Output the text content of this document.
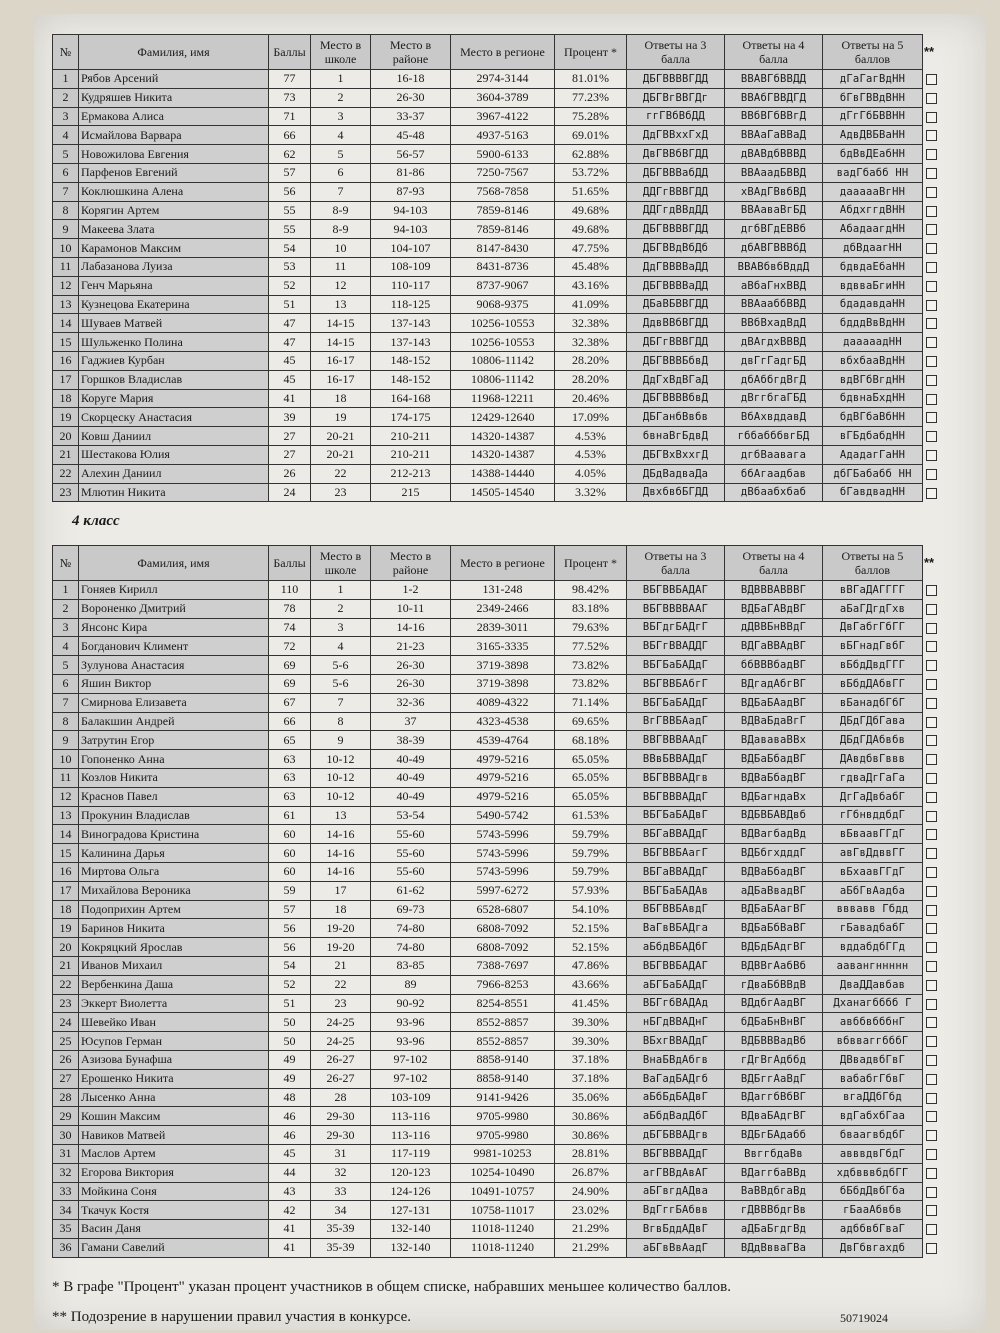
№	Фамилия, имя	Баллы	Место в школе	Место в районе	Место в регионе	Процент *	Ответы на 3 балла	Ответы на 4 балла	Ответы на 5 баллов
1	Рябов Арсений	77	1	16-18	2974-3144	81.01%	ДБГВВВВГДД	ВВАВГбВВДД	дГаГагВдНН
2	Кудряшев Никита	73	2	26-30	3604-3789	77.23%	ДБГВгВВГДг	ВВАбГВВДГД	бГвГВВдВНН
3	Ермакова Алиса	71	3	33-37	3967-4122	75.28%	ггГВбВбДД	ВВбВГбВВгД	дГгГбБВВНН
4	Исмайлова Варвара	66	4	45-48	4937-5163	69.01%	ДдГВВхxГхД	ВВАаГаВВаД	АдвДВБВаНН
5	Новожилова Евгения	62	5	56-57	5900-6133	62.88%	ДвГВВбВГДД	дВАВдбВВВД	бдВвДЕабНН
6	Парфенов Евгений	57	6	81-86	7250-7567	53.72%	ДБГВВВабДД	ВВАаадБВВД	вадГбабб НН
7	Коклюшкина Алена	56	7	87-93	7568-7858	51.65%	ДДГгВВВГДД	хВАдГВвбВД	дааааaВгНН
8	Корягин Артем	55	8-9	94-103	7859-8146	49.68%	ДДГгдВВдДД	ВВАаваВгБД	АбдхггдВНН
9	Макеева Злата	55	8-9	94-103	7859-8146	49.68%	ДБГВВВВГДД	дгбВГдЕВВб	АбадаагдНН
10	Карамонов Максим	54	10	104-107	8147-8430	47.75%	ДБГВВдВбДб	дбАВГВВВбД	дбВдаагНН
11	Лабазанова Луиза	53	11	108-109	8431-8736	45.48%	ДдГВВВВаДД	ВВАВбвбВддД	бдвдаЕбаНН
12	Генч Марьяна	52	12	110-117	8737-9067	43.16%	ДБГВВВВаДД	аВбаГнхВВД	вдвваБгиНН
13	Кузнецова Екатерина	51	13	118-125	9068-9375	41.09%	ДБаВБВВГДД	ВВАааббВВД	бдадавдаНН
14	Шуваев Матвей	47	14-15	137-143	10256-10553	32.38%	ДдвВВбВГДД	ВВбВхадВдД	бдддВвВдНН
15	Шульженко Полина	47	14-15	137-143	10256-10553	32.38%	ДБГгВВВГДД	дВАгдхВВВД	дааааадНН
16	Гаджиев Курбан	45	16-17	148-152	10806-11142	28.20%	ДБГВВВБбвД	двГгГадгБД	вбхбааВдНН
17	Горшков Владислав	45	16-17	148-152	10806-11142	28.20%	ДдГхВдВГаД	дбАббгдВгД	вдВГбВгдНН
18	Коругe Мария	41	18	164-168	11968-12211	20.46%	ДБГВВВВбвД	дВггбгаГБД	бдвнаБхдНН
19	Скорцеску Анастасия	39	19	174-175	12429-12640	17.09%	ДБГанбВвбв	ВбАхвддавД	бдВГбаВбНН
20	Ковш Даниил	27	20-21	210-211	14320-14387	4.53%	бвнаВгБдвД	гббабббвгБД	вГБдбабдНН
21	Шестакова Юлия	27	20-21	210-211	14320-14387	4.53%	ДБГВхВххгД	дгбВаавага	АдадагГаНН
22	Алехин Даниил	26	22	212-213	14388-14440	4.05%	ДБдВадваДа	ббАгаадбав	дбГБабабб НН
23	Млютин Никита	24	23	215	14505-14540	3.32%	ДвхбвбБГДД	дВбаабхбаб	бГавдвадНН
4 класс
№	Фамилия, имя	Баллы	Место в школе	Место в районе	Место в регионе	Процент *	Ответы на 3 балла	Ответы на 4 балла	Ответы на 5 баллов
1	Гоняев Кирилл	110	1	1-2	131-248	98.42%	ВБГВВБАДАГ	ВДВВВАВВВГ	вВГаДАГГГГ
2	Вороненко Дмитрий	78	2	10-11	2349-2466	83.18%	ВБГВВВВААГ	ВДБаГАВдВГ	аБаГДгдГхв
3	Янсонс Кира	74	3	14-16	2839-3011	79.63%	ВБГдгБАДгГ	дДВВБнВВдГ	ДвГабгГбГГ
4	Богданович Климент	72	4	21-23	3165-3335	77.52%	ВБГгВВАДДГ	ВДГаВВАдВГ	вБГнадГвбГ
5	Зулунова Анастасия	69	5-6	26-30	3719-3898	73.82%	ВБГБаБАДдГ	ббВВВбадВГ	вБбдДвдГГГ
6	Яшин Виктор	69	5-6	26-30	3719-3898	73.82%	ВБГВВБАбгГ	ВДгадАбгВГ	вБбдДАбвГГ
7	Смирнова Елизавета	67	7	32-36	4089-4322	71.14%	ВБГБаБАДдГ	ВДБаБАадВГ	вБанадбГбГ
8	Балакшин Андрей	66	8	37	4323-4538	69.65%	ВгГВВБАадГ	ВДВаБдаВгГ	ДБдГДбГава
9	Затрутин Егор	65	9	38-39	4539-4764	68.18%	ВВГВВВААдГ	ВДававаВВх	ДБдГДАбвбв
10	Гопоненко Анна	63	10-12	40-49	4979-5216	65.05%	ВВвБВВАДдГ	ВДБаБбадВГ	ДАвдбвГввв
11	Козлов Никита	63	10-12	40-49	4979-5216	65.05%	ВБГВВВАДгв	ВДВаБбадВГ	гдваДгГаГа
12	Краснов Павел	63	10-12	40-49	4979-5216	65.05%	ВБГВВВАДдГ	ВДБагндаВх	ДгГаДвбабГ
13	Прокунин Владислав	61	13	53-54	5490-5742	61.53%	ВБГБаБАДвГ	ВДБВБАВДвб	гГбнвддбдГ
14	Виноградова Кристина	60	14-16	55-60	5743-5996	59.79%	ВБГаВВАДдГ	ВДВагбадВд	вБваавГГдГ
15	Калинина Дарья	60	14-16	55-60	5743-5996	59.79%	ВБГВВБАагГ	ВДБбгхдддГ	авГвДдввГГ
16	Миртова Ольга	60	14-16	55-60	5743-5996	59.79%	ВБГаВВАДдГ	ВДВаБбадВГ	вБхаавГГдГ
17	Михайлова Вероника	59	17	61-62	5997-6272	57.93%	ВБГБаБАДАв	аДБаВвадВГ	аБбГвАадба
18	Подоприхин Артем	57	18	69-73	6528-6807	54.10%	ВБГВВБАвдГ	ВДБаБАагВГ	вввавв Гбдд
19	Баринов Никита	56	19-20	74-80	6808-7092	52.15%	ВаГвВБАДга	ВДБаБбВаВГ	гБавадбабГ
20	Кокряцкий Ярослав	56	19-20	74-80	6808-7092	52.15%	аБбдВБАДбГ	ВДБдБАдгВГ	вддабдбГГд
21	Иванов Михаил	54	21	83-85	7388-7697	47.86%	ВБГВВБАДАГ	ВДВВгАабВб	аавангннннн
22	Вербенкина Даша	52	22	89	7966-8253	43.66%	аБГБаБАДдГ	гДваБбВВдВ	ДваДДавбав
23	Эккерт Виолетта	51	23	90-92	8254-8551	41.45%	ВБГгбВАДАд	ВДдбгАадВГ	Дханагбббб Г
24	Шевейко Иван	50	24-25	93-96	8552-8857	39.30%	нБГдВВАДнГ	бДБаБнВнВГ	авббвбббнГ
25	Юсупов Герман	50	24-25	93-96	8552-8857	39.30%	ВБхгВВАДдГ	ВДБВВВадВб	вбвваггбббГ
26	Азизова Бунафша	49	26-27	97-102	8858-9140	37.18%	ВнаБВдАбгв	гДгВгАдббд	ДВвадвбГвГ
27	Ерошенко Никита	49	26-27	97-102	8858-9140	37.18%	ВаГадБАДгб	ВДБггАаВдГ	вабабгГбвГ
28	Лысенко Анна	48	28	103-109	9141-9426	35.06%	аБбБдБАДвГ	ВДаггбВбВГ	вгаДДбГбд
29	Кошин Максим	46	29-30	113-116	9705-9980	30.86%	аБбдВадДбГ	ВДваБАдгВГ	вдГабхбГаа
30	Навиков Матвей	46	29-30	113-116	9705-9980	30.86%	дБГБВВАДгв	ВДБгБАдабб	бваагвбдбГ
31	Маслов Артем	45	31	117-119	9981-10253	28.81%	ВБГВВВАДдГ	ВвггбдаВв	авввдвГбдГ
32	Егорова Виктория	44	32	120-123	10254-10490	26.87%	агГВВдАвАГ	ВДаггбаВВд	хдбвввбдбГГ
33	Мойкина Соня	43	33	124-126	10491-10757	24.90%	аБГвгдАДва	ВаВВдбгаВд	бБбдДвбГба
34	Ткачук Костя	42	34	127-131	10758-11017	23.02%	ВдГггБАбвв	гДВВВбдгВв	гБааАбвбв
35	Васин Даня	41	35-39	132-140	11018-11240	21.29%	ВгвБддАДвГ	аДБаБгдгВд	адббвбГваГ
36	Гамани Савелий	41	35-39	132-140	11018-11240	21.29%	аБГвВвАадГ	ВДдВвваГВа	ДвГбвгахдб
**
**
* В графе "Процент" указан процент участников в общем списке, набравших меньшее количество баллов.
** Подозрение в нарушении правил участия в конкурсе.	50719024
